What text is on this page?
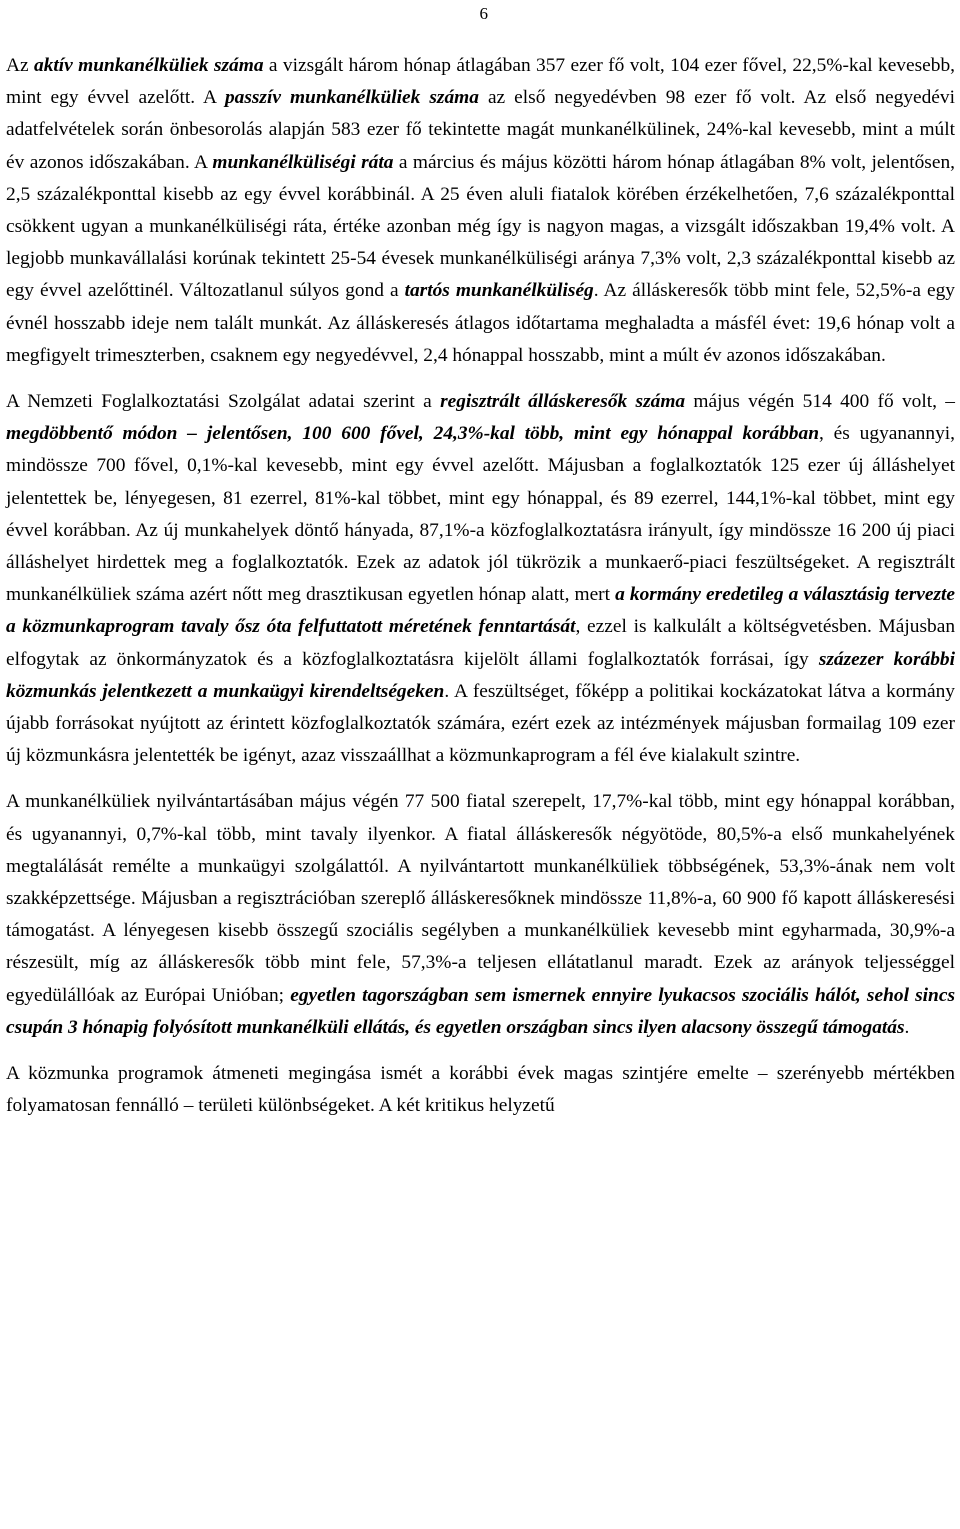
6

Az aktív munkanélküliek száma a vizsgált három hónap átlagában 357 ezer fő volt, 104 ezer fővel, 22,5%-kal kevesebb, mint egy évvel azelőtt. A passzív munkanélküliek száma az első negyedévben 98 ezer fő volt. Az első negyedévi adatfelvételek során önbesorolás alapján 583 ezer fő tekintette magát munkanélkülinek, 24%-kal kevesebb, mint a múlt év azonos időszakában. A munkanélküliségi ráta a március és május közötti három hónap átlagában 8% volt, jelentősen, 2,5 százalékponttal kisebb az egy évvel korábbinál. A 25 éven aluli fiatalok körében érzékelhetően, 7,6 százalékponttal csökkent ugyan a munkanélküliségi ráta, értéke azonban még így is nagyon magas, a vizsgált időszakban 19,4% volt. A legjobb munkavállalási korúnak tekintett 25-54 évesek munkanélküliségi aránya 7,3% volt, 2,3 százalékponttal kisebb az egy évvel azelőttinél. Változatlanul súlyos gond a tartós munkanélküliség. Az álláskeresők több mint fele, 52,5%-a egy évnél hosszabb ideje nem talált munkát. Az álláskeresés átlagos időtartama meghaladta a másfél évet: 19,6 hónap volt a megfigyelt trimeszterben, csaknem egy negyedévvel, 2,4 hónappal hosszabb, mint a múlt év azonos időszakában.

A Nemzeti Foglalkoztatási Szolgálat adatai szerint a regisztrált álláskeresők száma május végén 514 400 fő volt, – megdöbbentő módon – jelentősen, 100 600 fővel, 24,3%-kal több, mint egy hónappal korábban, és ugyanannyi, mindössze 700 fővel, 0,1%-kal kevesebb, mint egy évvel azelőtt. Májusban a foglalkoztatók 125 ezer új álláshelyet jelentettek be, lényegesen, 81 ezerrel, 81%-kal többet, mint egy hónappal, és 89 ezerrel, 144,1%-kal többet, mint egy évvel korábban. Az új munkahelyek döntő hányada, 87,1%-a közfoglalkoztatásra irányult, így mindössze 16 200 új piaci álláshelyet hirdettek meg a foglalkoztatók. Ezek az adatok jól tükrözik a munkaerő-piaci feszültségeket. A regisztrált munkanélküliek száma azért nőtt meg drasztikusan egyetlen hónap alatt, mert a kormány eredetileg a választásig tervezte a közmunkaprogram tavaly ősz óta felfuttatott méretének fenntartását, ezzel is kalkulált a költségvetésben. Májusban elfogytak az önkormányzatok és a közfoglalkoztatásra kijelölt állami foglalkoztatók forrásai, így százezer korábbi közmunkás jelentkezett a munkaügyi kirendeltségeken. A feszültséget, főképp a politikai kockázatokat látva a kormány újabb forrásokat nyújtott az érintett közfoglalkoztatók számára, ezért ezek az intézmények májusban formailag 109 ezer új közmunkásra jelentették be igényt, azaz visszaállhat a közmunkaprogram a fél éve kialakult szintre.

A munkanélküliek nyilvántartásában május végén 77 500 fiatal szerepelt, 17,7%-kal több, mint egy hónappal korábban, és ugyanannyi, 0,7%-kal több, mint tavaly ilyenkor. A fiatal álláskeresők négyötöde, 80,5%-a első munkahelyének megtalálását remélte a munkaügyi szolgálattól. A nyilvántartott munkanélküliek többségének, 53,3%-ának nem volt szakképzettsége. Májusban a regisztrációban szereplő álláskeresőknek mindössze 11,8%-a, 60 900 fő kapott álláskeresési támogatást. A lényegesen kisebb összegű szociális segélyben a munkanélküliek kevesebb mint egyharmada, 30,9%-a részesült, míg az álláskeresők több mint fele, 57,3%-a teljesen ellátatlanul maradt. Ezek az arányok teljességgel egyedülállóak az Európai Unióban; egyetlen tagországban sem ismernek ennyire lyukacsos szociális hálót, sehol sincs csupán 3 hónapig folyósított munkanélküli ellátás, és egyetlen országban sincs ilyen alacsony összegű támogatás.

A közmunka programok átmeneti megingása ismét a korábbi évek magas szintjére emelte – szerényebb mértékben folyamatosan fennálló – területi különbségeket. A két kritikus helyzetű
